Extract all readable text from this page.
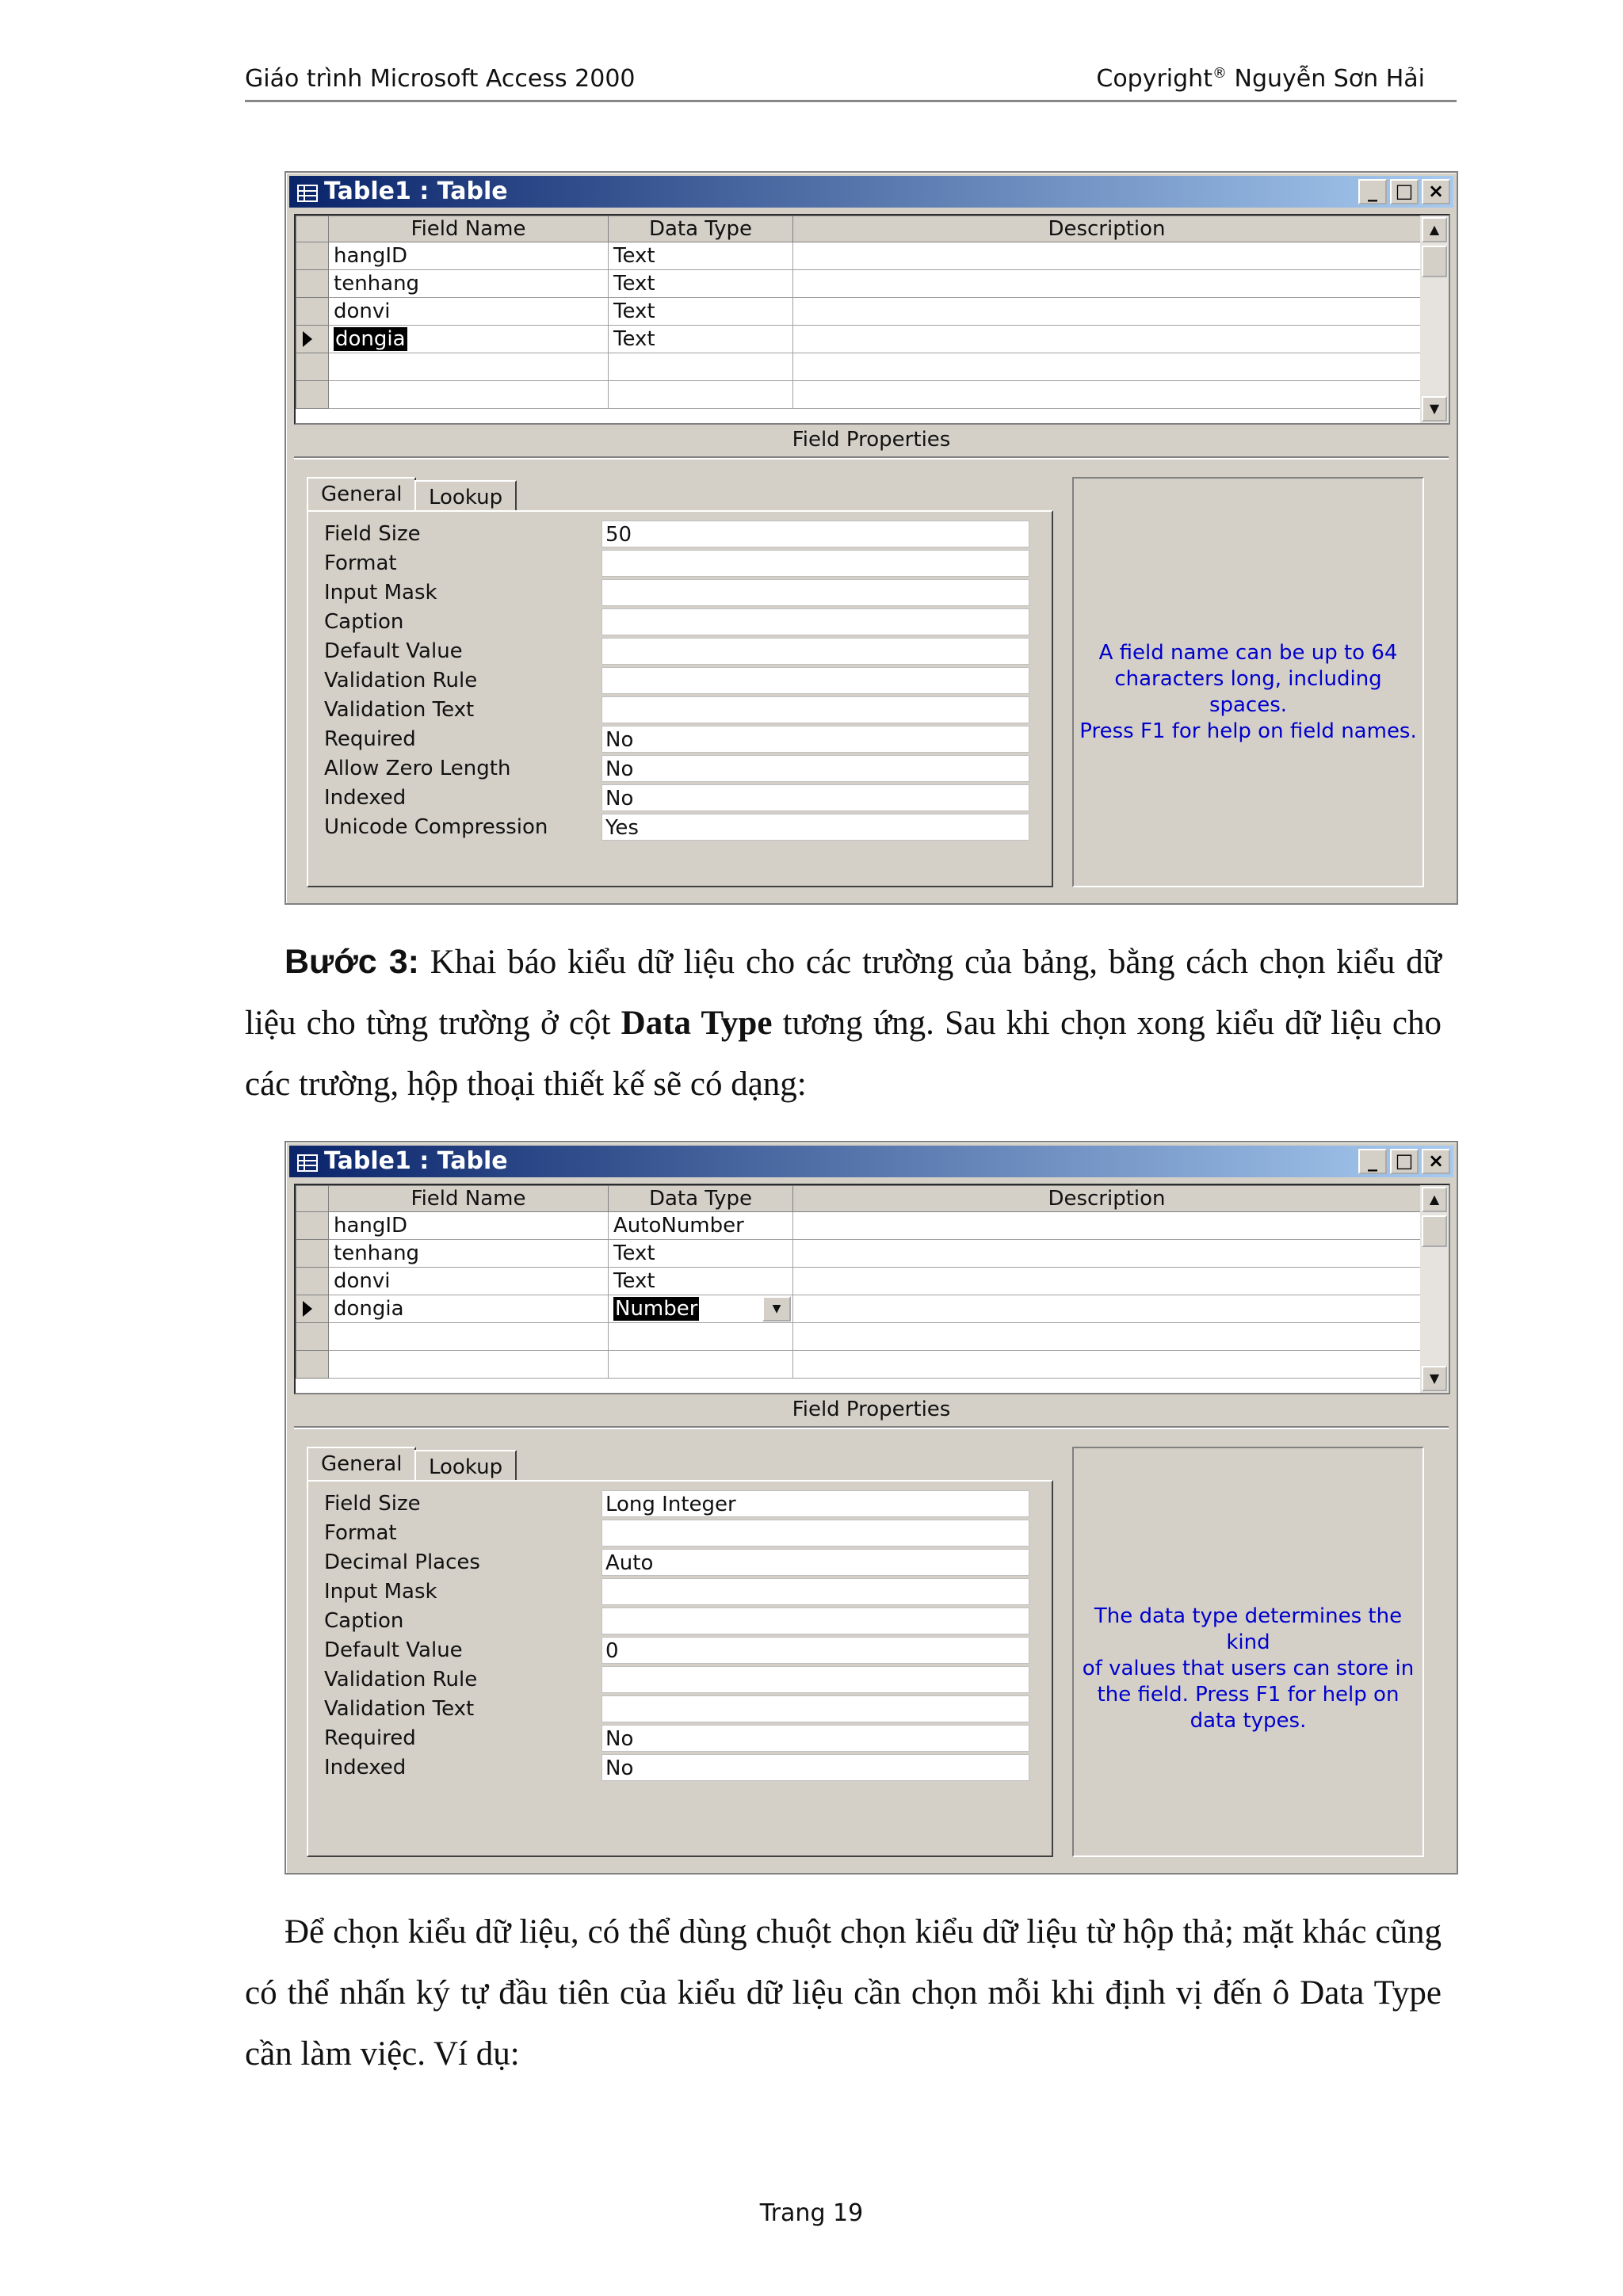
Giáo trình Microsoft Access 2000	Copyright® Nguyễn Sơn Hải
Table1 : Table	_ □ ×
	Field Name	Data Type	Description
	hangID	Text	
	tenhang	Text	
	donvi	Text	

	dongia	Text	

▲
▼
Field Properties
General	Lookup
Field Size	50
Format
Input Mask
Caption
Default Value
Validation Rule
Validation Text
Required	No
Allow Zero Length	No
Indexed	No
Unicode Compression	Yes
A field name can be up to 64
characters long, including spaces.
Press F1 for help on field names.
Bước 3: Khai báo kiểu dữ liệu cho các trường của bảng, bằng cách chọn kiểu dữ liệu cho từng trường ở cột Data Type tương ứng. Sau khi chọn xong kiểu dữ liệu cho các trường, hộp thoại thiết kế sẽ có dạng:
Table1 : Table	_ □ ×
	Field Name	Data Type	Description
	hangID	AutoNumber	
	tenhang	Text	
	donvi	Text	

	dongia	Number ▼	

▲
▼
Field Properties
General	Lookup
Field Size	Long Integer
Format
Decimal Places	Auto
Input Mask
Caption
Default Value	0
Validation Rule
Validation Text
Required	No
Indexed	No
The data type determines the kind
of values that users can store in
the field. Press F1 for help on
data types.
Để chọn kiểu dữ liệu, có thể dùng chuột chọn kiểu dữ liệu từ hộp thả; mặt khác cũng có thể nhấn ký tự đầu tiên của kiểu dữ liệu cần chọn mỗi khi định vị đến ô Data Type cần làm việc. Ví dụ:
Trang 19
